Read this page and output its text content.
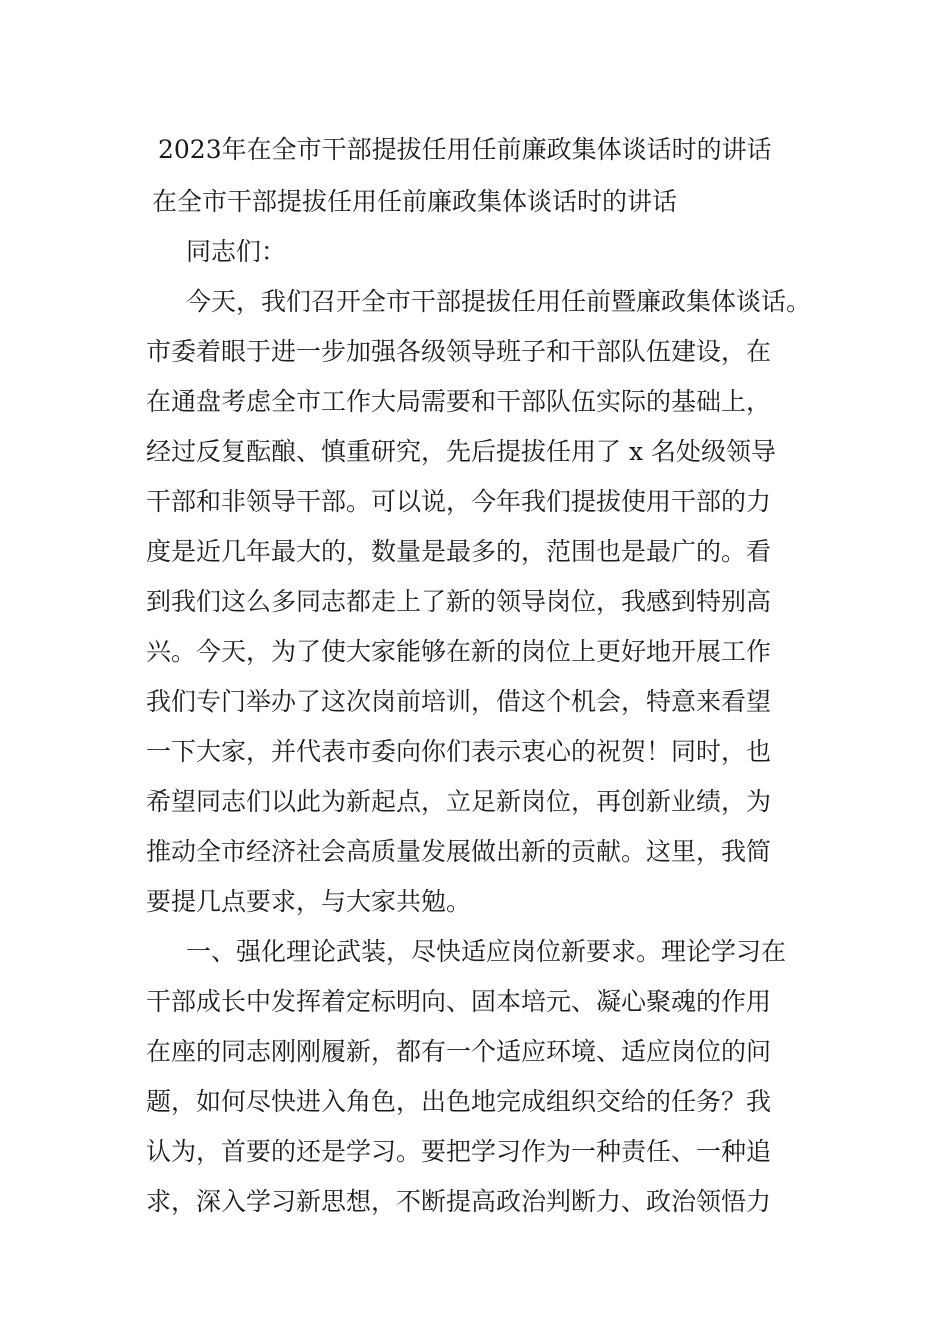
2023年在全市干部提拔任用任前廉政集体谈话时的讲话
在全市干部提拔任用任前廉政集体谈话时的讲话
同志们：
今天，我们召开全市干部提拔任用任前暨廉政集体谈话。
市委着眼于进一步加强各级领导班子和干部队伍建设，在
在通盘考虑全市工作大局需要和干部队伍实际的基础上，
经过反复酝酿、慎重研究，先后提拔任用了 x 名处级领导
干部和非领导干部。可以说，今年我们提拔使用干部的力
度是近几年最大的，数量是最多的，范围也是最广的。看
到我们这么多同志都走上了新的领导岗位，我感到特别高
兴。今天，为了使大家能够在新的岗位上更好地开展工作
我们专门举办了这次岗前培训，借这个机会，特意来看望
一下大家，并代表市委向你们表示衷心的祝贺！同时，也
希望同志们以此为新起点，立足新岗位，再创新业绩，为
推动全市经济社会高质量发展做出新的贡献。这里，我简
要提几点要求，与大家共勉。
一、强化理论武装，尽快适应岗位新要求。理论学习在
干部成长中发挥着定标明向、固本培元、凝心聚魂的作用
在座的同志刚刚履新，都有一个适应环境、适应岗位的问
题，如何尽快进入角色，出色地完成组织交给的任务？我
认为，首要的还是学习。要把学习作为一种责任、一种追
求，深入学习新思想，不断提高政治判断力、政治领悟力
